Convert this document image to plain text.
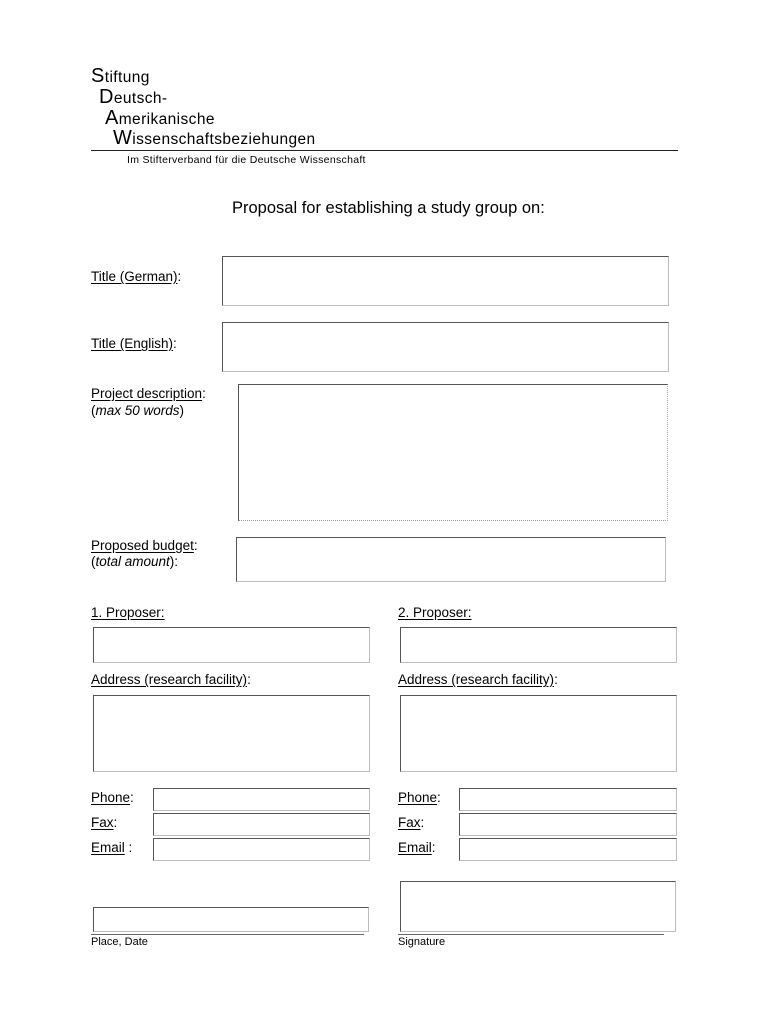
Stiftung
Deutsch-
Amerikanische
Wissenschaftsbeziehungen
Im Stifterverband für die Deutsche Wissenschaft
Proposal for establishing a study group on:
Title (German):
Title (English):
Project description:
(max 50 words)
Proposed budget:
(total amount):
1. Proposer:
Address (research facility):
Phone:
Fax:
Email :
2. Proposer:
Address (research facility):
Phone:
Fax:
Email:
Place, Date	Signature
